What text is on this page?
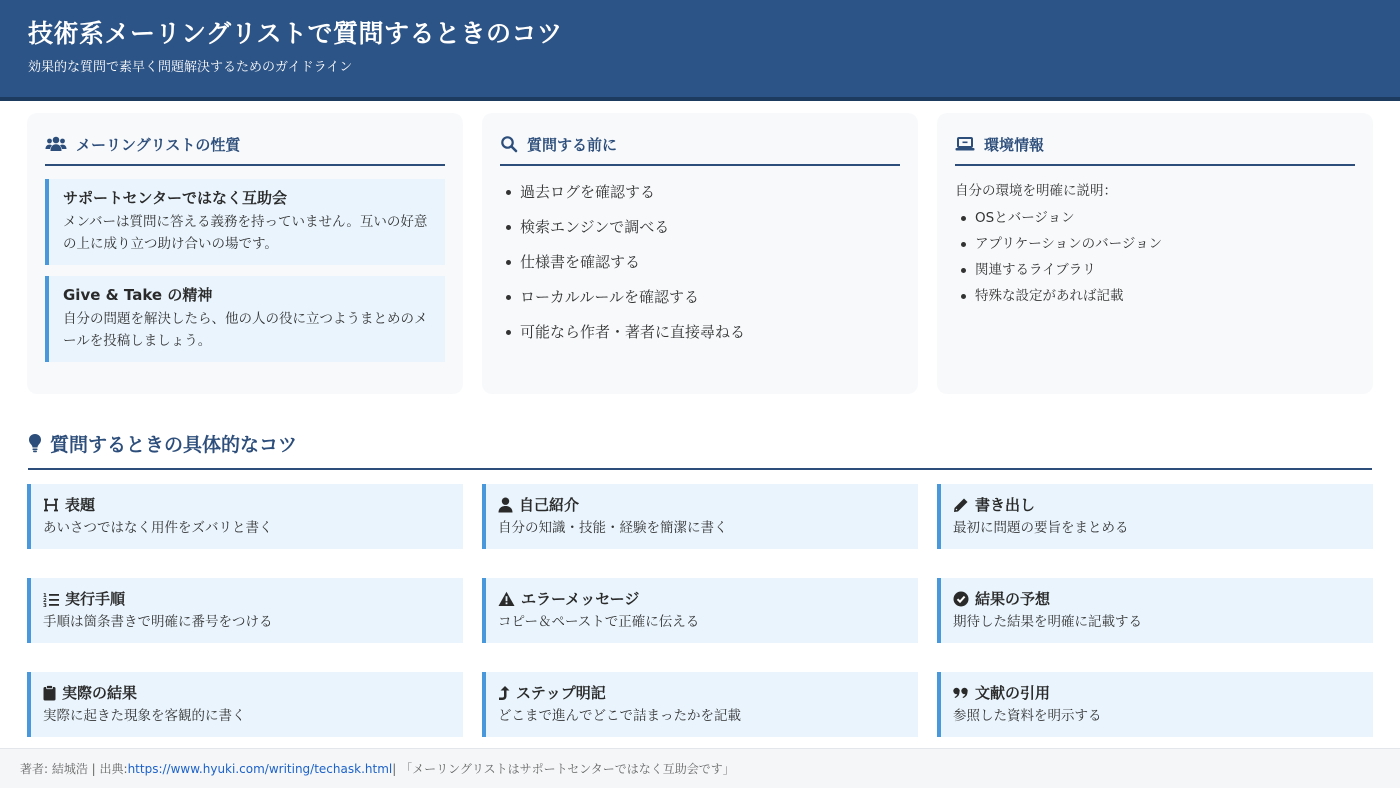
技術系メーリングリストで質問するときのコツ
効果的な質問で素早く問題解決するためのガイドライン
メーリングリストの性質
サポートセンターではなく互助会
メンバーは質問に答える義務を持っていません。互いの好意の上に成り立つ助け合いの場です。
Give & Take の精神
自分の問題を解決したら、他の人の役に立つようまとめのメールを投稿しましょう。
質問する前に
過去ログを確認する
検索エンジンで調べる
仕様書を確認する
ローカルルールを確認する
可能なら作者・著者に直接尋ねる
環境情報
自分の環境を明確に説明：
OSとバージョン
アプリケーションのバージョン
関連するライブラリ
特殊な設定があれば記載
質問するときの具体的なコツ
表題
あいさつではなく用件をズバリと書く
自己紹介
自分の知識・技能・経験を簡潔に書く
書き出し
最初に問題の要旨をまとめる
1
2
3 実行手順
手順は箇条書きで明確に番号をつける
エラーメッセージ
コピー＆ペーストで正確に伝える
結果の予想
期待した結果を明確に記載する
実際の結果
実際に起きた現象を客観的に書く
ステップ明記
どこまで進んでどこで詰まったかを記載
文献の引用
参照した資料を明示する
著者: 結城浩 | 出典: https://www.hyuki.com/writing/techask.html | 「メーリングリストはサポートセンターではなく互助会です」
